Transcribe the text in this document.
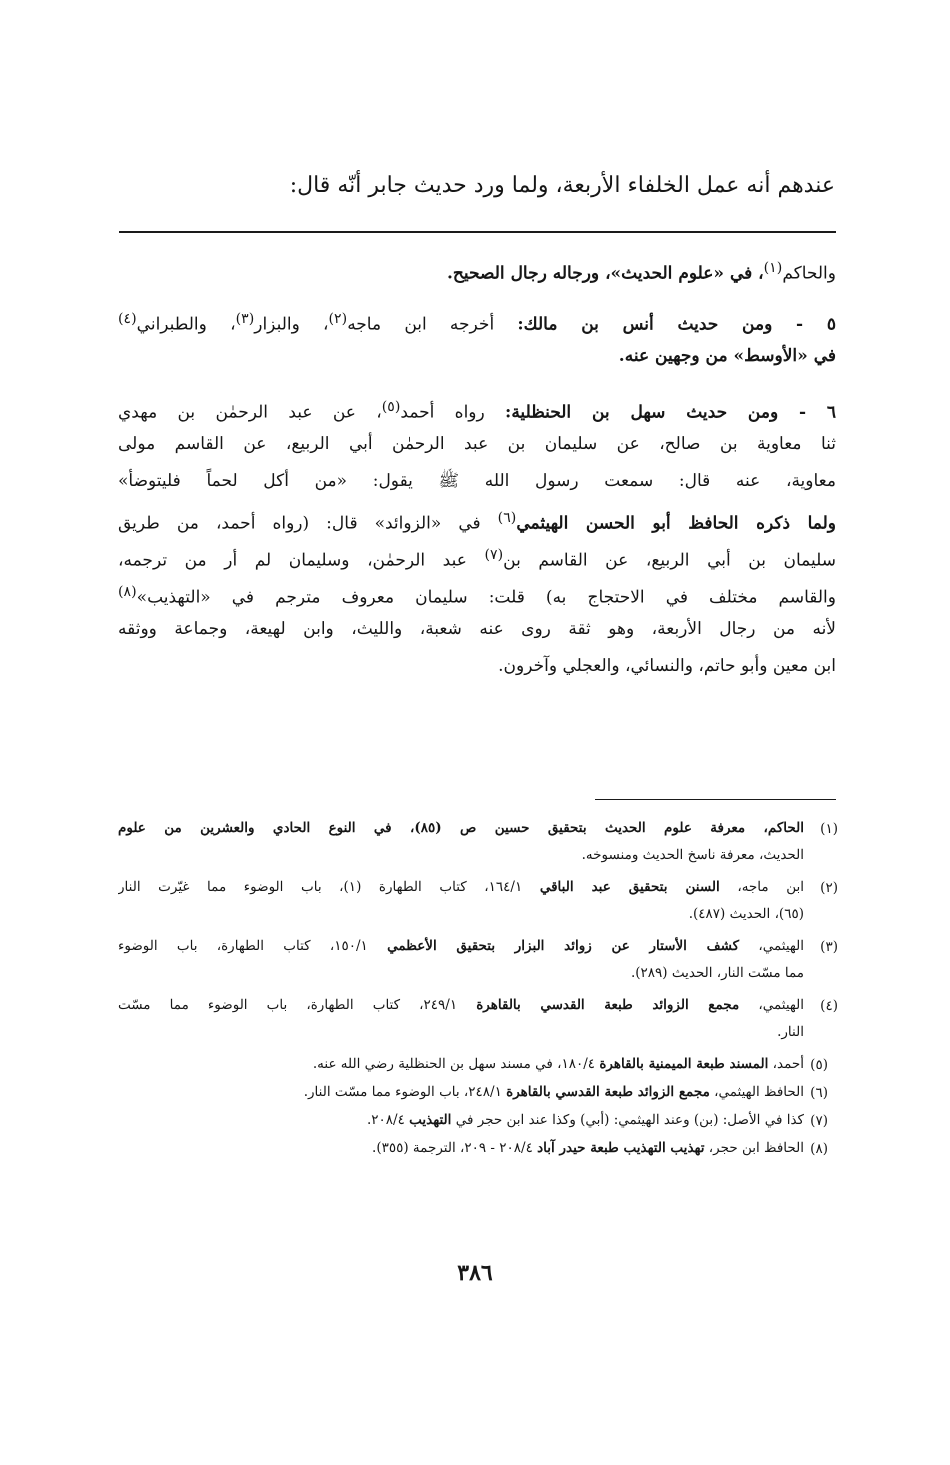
عندهم أنه عمل الخلفاء الأربعة، ولما ورد حديث جابر أنّه قال:

والحاكم$^{(١)}$، في «علوم الحديث»، ورجاله رجال الصحيح.

٥ - ومن حديث أنس بن مالك: أخرجه ابن ماجه$^{(٢)}$، والبزار$^{(٣)}$، والطبراني$^{(٤)}$
في «الأوسط» من وجهين عنه.

٦ - ومن حديث سهل بن الحنظلية: رواه أحمد$^{(٥)}$، عن عبد الرحمٰن بن مهدي
ثنا معاوية بن صالح، عن سليمان بن عبد الرحمٰن أبي الربيع، عن القاسم مولى
معاوية، عنه قال: سمعت رسول الله ﷺ يقول: «من أكل لحماً فليتوضأ»
ولما ذكره الحافظ أبو الحسن الهيثمي$^{(٦)}$ في «الزوائد» قال: (رواه أحمد، من طريق
سليمان بن أبي الربيع، عن القاسم بن$^{(٧)}$ عبد الرحمٰن، وسليمان لم أر من ترجمه،
والقاسم مختلف في الاحتجاج به) قلت: سليمان معروف مترجم في «التهذيب»$^{(٨)}$
لأنه من رجال الأربعة، وهو ثقة روى عنه شعبة، والليث، وابن لهيعة، وجماعة ووثقه
ابن معين وأبو حاتم، والنسائي، والعجلي وآخرون.

(١)
الحاكم، معرفة علوم الحديث بتحقيق حسين ص (٨٥)، في النوع الحادي والعشرين من علوم
الحديث، معرفة ناسخ الحديث ومنسوخه.
(٢)
ابن ماجه، السنن بتحقيق عبد الباقي ١٦٤/١، كتاب الطهارة (١)، باب الوضوء مما غيّرت النار
(٦٥)، الحديث (٤٨٧).
(٣)
الهيثمي، كشف الأستار عن زوائد البزار بتحقيق الأعظمي ١٥٠/١، كتاب الطهارة، باب الوضوء
مما مسّت النار، الحديث (٢٨٩).
(٤)
الهيثمي، مجمع الزوائد طبعة القدسي بالقاهرة ٢٤٩/١، كتاب الطهارة، باب الوضوء مما مسّت
النار.
(٥)
أحمد، المسند طبعة الميمنية بالقاهرة ١٨٠/٤، في مسند سهل بن الحنظلية رضي الله عنه.
(٦)
الحافظ الهيثمي، مجمع الزوائد طبعة القدسي بالقاهرة ٢٤٨/١، باب الوضوء مما مسّت النار.
(٧)
كذا في الأصل: (بن) وعند الهيثمي: (أبي) وكذا عند ابن حجر في التهذيب ٢٠٨/٤.
(٨)
الحافظ ابن حجر، تهذيب التهذيب طبعة حيدر آباد ٢٠٨/٤ - ٢٠٩، الترجمة (٣٥٥).
٣٨٦
